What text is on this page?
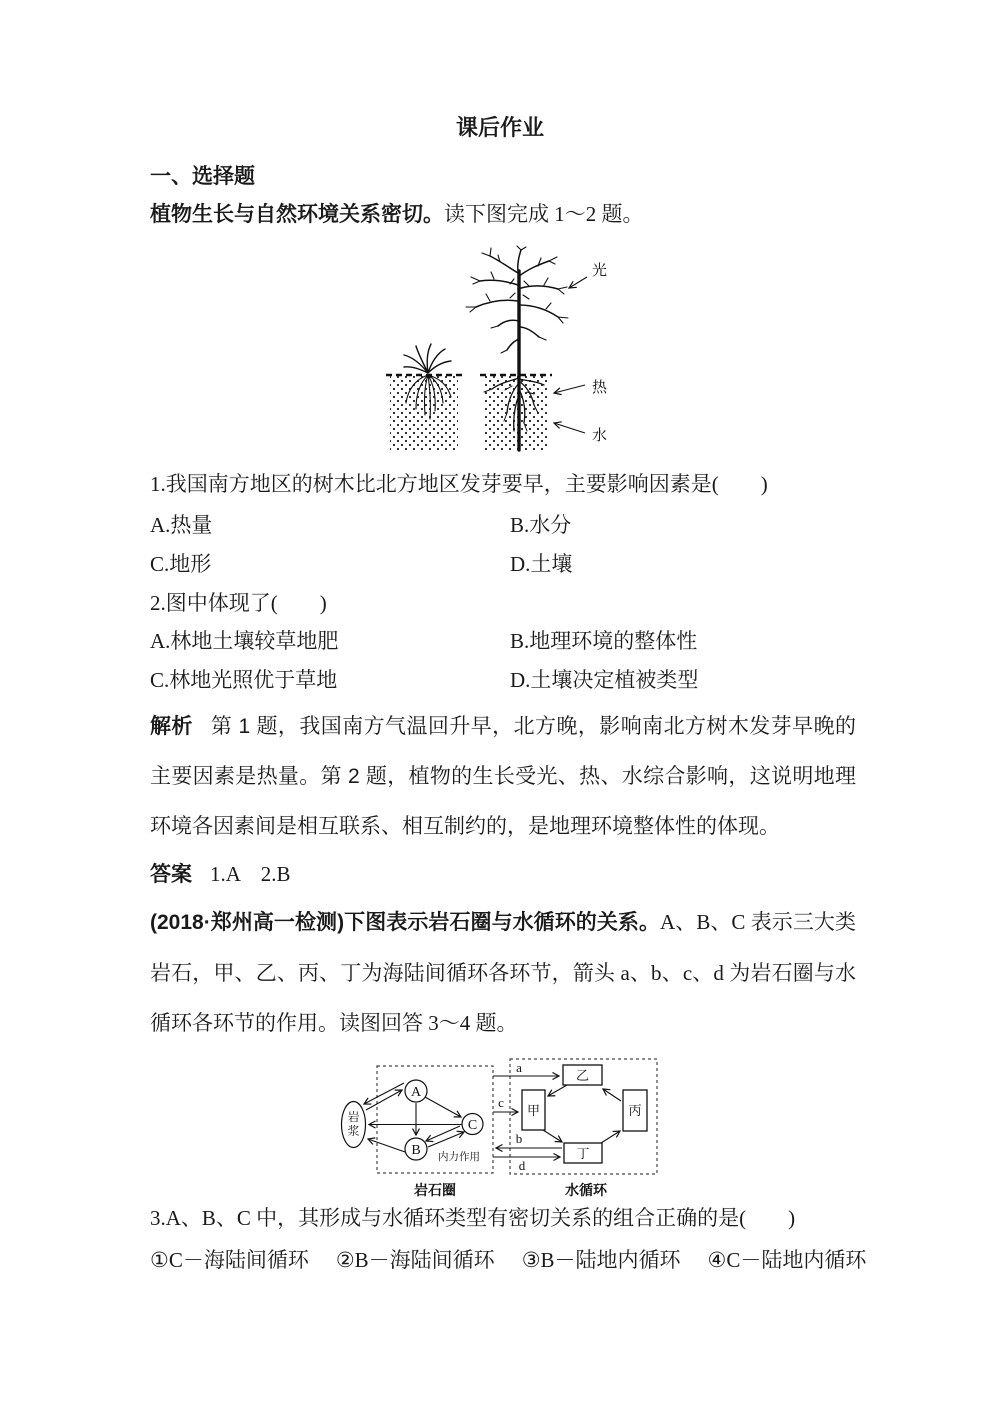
课后作业
一、选择题
植物生长与自然环境关系密切。读下图完成 1～2 题。
光
热
水
1.我国南方地区的树木比北方地区发芽要早，主要影响因素是(　　)
A.热量	B.水分
C.地形	D.土壤
2.图中体现了(　　)
A.林地土壤较草地肥	B.地理环境的整体性
C.林地光照优于草地	D.土壤决定植被类型
解析 第 1 题，我国南方气温回升早，北方晚，影响南北方树木发芽早晚的主要因素是热量。第 2 题，植物的生长受光、热、水综合影响，这说明地理环境各因素间是相互联系、相互制约的，是地理环境整体性的体现。
答案 1.A　2.B
(2018·郑州高一检测)下图表示岩石圈与水循环的关系。A、B、C 表示三大类岩石，甲、乙、丙、丁为海陆间循环各环节，箭头 a、b、c、d 为岩石圈与水循环各环节的作用。读图回答 3～4 题。
A
C
B
乙
甲	丙
丁
a
c
b
d
内力作用
岩石圈	水循环
岩浆
3.A、B、C 中，其形成与水循环类型有密切关系的组合正确的是(　　)
①C－海陆间循环 ②B－海陆间循环 ③B－陆地内循环 ④C－陆地内循环
